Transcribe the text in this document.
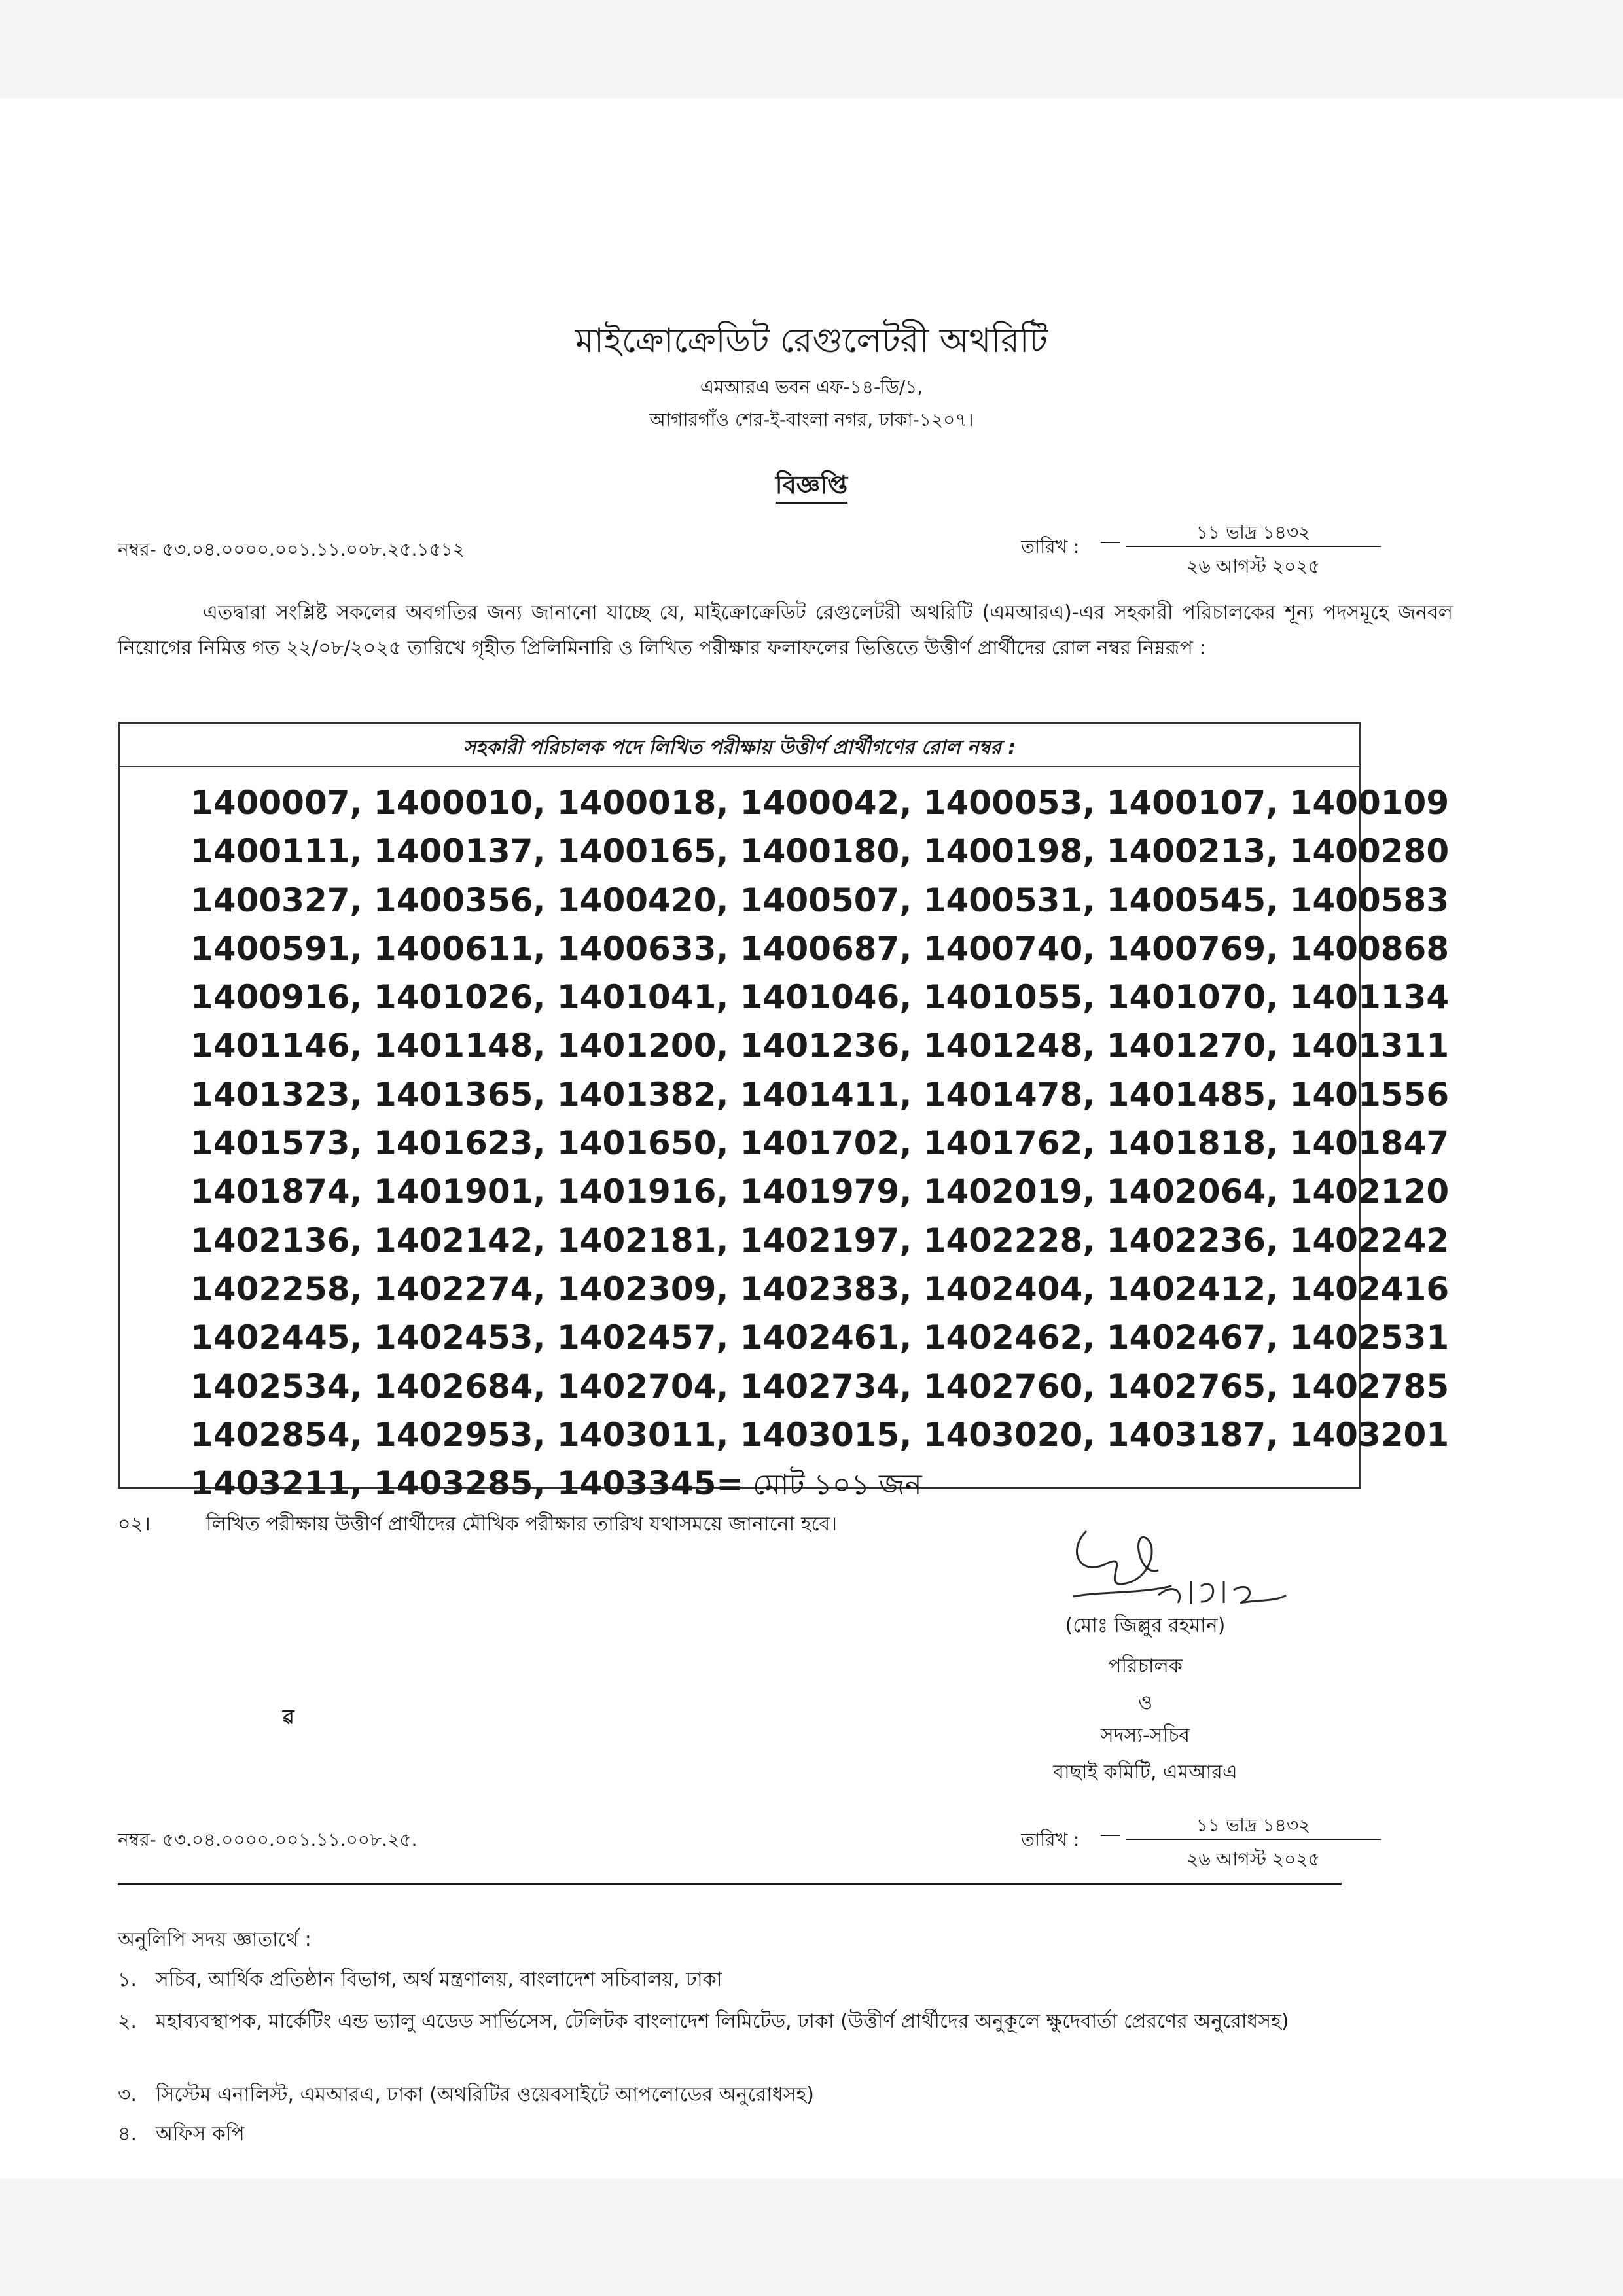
মাইক্রোক্রেডিট রেগুলেটরী অথরিটি
এমআরএ ভবন এফ-১৪-ডি/১,
আগারগাঁও শের-ই-বাংলা নগর, ঢাকা-১২০৭।
বিজ্ঞপ্তি
নম্বর- ৫৩.০৪.০০০০.০০১.১১.০০৮.২৫.১৫১২	তারিখ :
১১ ভাদ্র ১৪৩২
২৬ আগস্ট ২০২৫
এতদ্বারা সংশ্লিষ্ট সকলের অবগতির জন্য জানানো যাচ্ছে যে, মাইক্রোক্রেডিট রেগুলেটরী অথরিটি (এমআরএ)-এর সহকারী পরিচালকের শূন্য পদসমূহে জনবল নিয়োগের নিমিত্ত গত ২২/০৮/২০২৫ তারিখে গৃহীত প্রিলিমিনারি ও লিখিত পরীক্ষার ফলাফলের ভিত্তিতে উত্তীর্ণ প্রার্থীদের রোল নম্বর নিম্নরূপ :
সহকারী পরিচালক পদে লিখিত পরীক্ষায় উত্তীর্ণ প্রার্থীগণের রোল নম্বর :
1400007, 1400010, 1400018, 1400042, 1400053, 1400107, 1400109
1400111, 1400137, 1400165, 1400180, 1400198, 1400213, 1400280
1400327, 1400356, 1400420, 1400507, 1400531, 1400545, 1400583
1400591, 1400611, 1400633, 1400687, 1400740, 1400769, 1400868
1400916, 1401026, 1401041, 1401046, 1401055, 1401070, 1401134
1401146, 1401148, 1401200, 1401236, 1401248, 1401270, 1401311
1401323, 1401365, 1401382, 1401411, 1401478, 1401485, 1401556
1401573, 1401623, 1401650, 1401702, 1401762, 1401818, 1401847
1401874, 1401901, 1401916, 1401979, 1402019, 1402064, 1402120
1402136, 1402142, 1402181, 1402197, 1402228, 1402236, 1402242
1402258, 1402274, 1402309, 1402383, 1402404, 1402412, 1402416
1402445, 1402453, 1402457, 1402461, 1402462, 1402467, 1402531
1402534, 1402684, 1402704, 1402734, 1402760, 1402765, 1402785
1402854, 1402953, 1403011, 1403015, 1403020, 1403187, 1403201
1403211, 1403285, 1403345= মোট ১০১ জন
০২।	লিখিত পরীক্ষায় উত্তীর্ণ প্রার্থীদের মৌখিক পরীক্ষার তারিখ যথাসময়ে জানানো হবে।
(মোঃ জিল্লুর রহমান)
পরিচালক
ও
সদস্য-সচিব
বাছাই কমিটি, এমআরএ
ৱ
নম্বর- ৫৩.০৪.০০০০.০০১.১১.০০৮.২৫.	তারিখ :
১১ ভাদ্র ১৪৩২
২৬ আগস্ট ২০২৫
অনুলিপি সদয় জ্ঞাতার্থে :
১. সচিব, আর্থিক প্রতিষ্ঠান বিভাগ, অর্থ মন্ত্রণালয়, বাংলাদেশ সচিবালয়, ঢাকা
২. মহাব্যবস্থাপক, মার্কেটিং এন্ড ভ্যালু এডেড সার্ভিসেস, টেলিটক বাংলাদেশ লিমিটেড, ঢাকা (উত্তীর্ণ প্রার্থীদের অনুকূলে ক্ষুদেবার্তা প্রেরণের অনুরোধসহ)
৩. সিস্টেম এনালিস্ট, এমআরএ, ঢাকা (অথরিটির ওয়েবসাইটে আপলোডের অনুরোধসহ)
৪. অফিস কপি
